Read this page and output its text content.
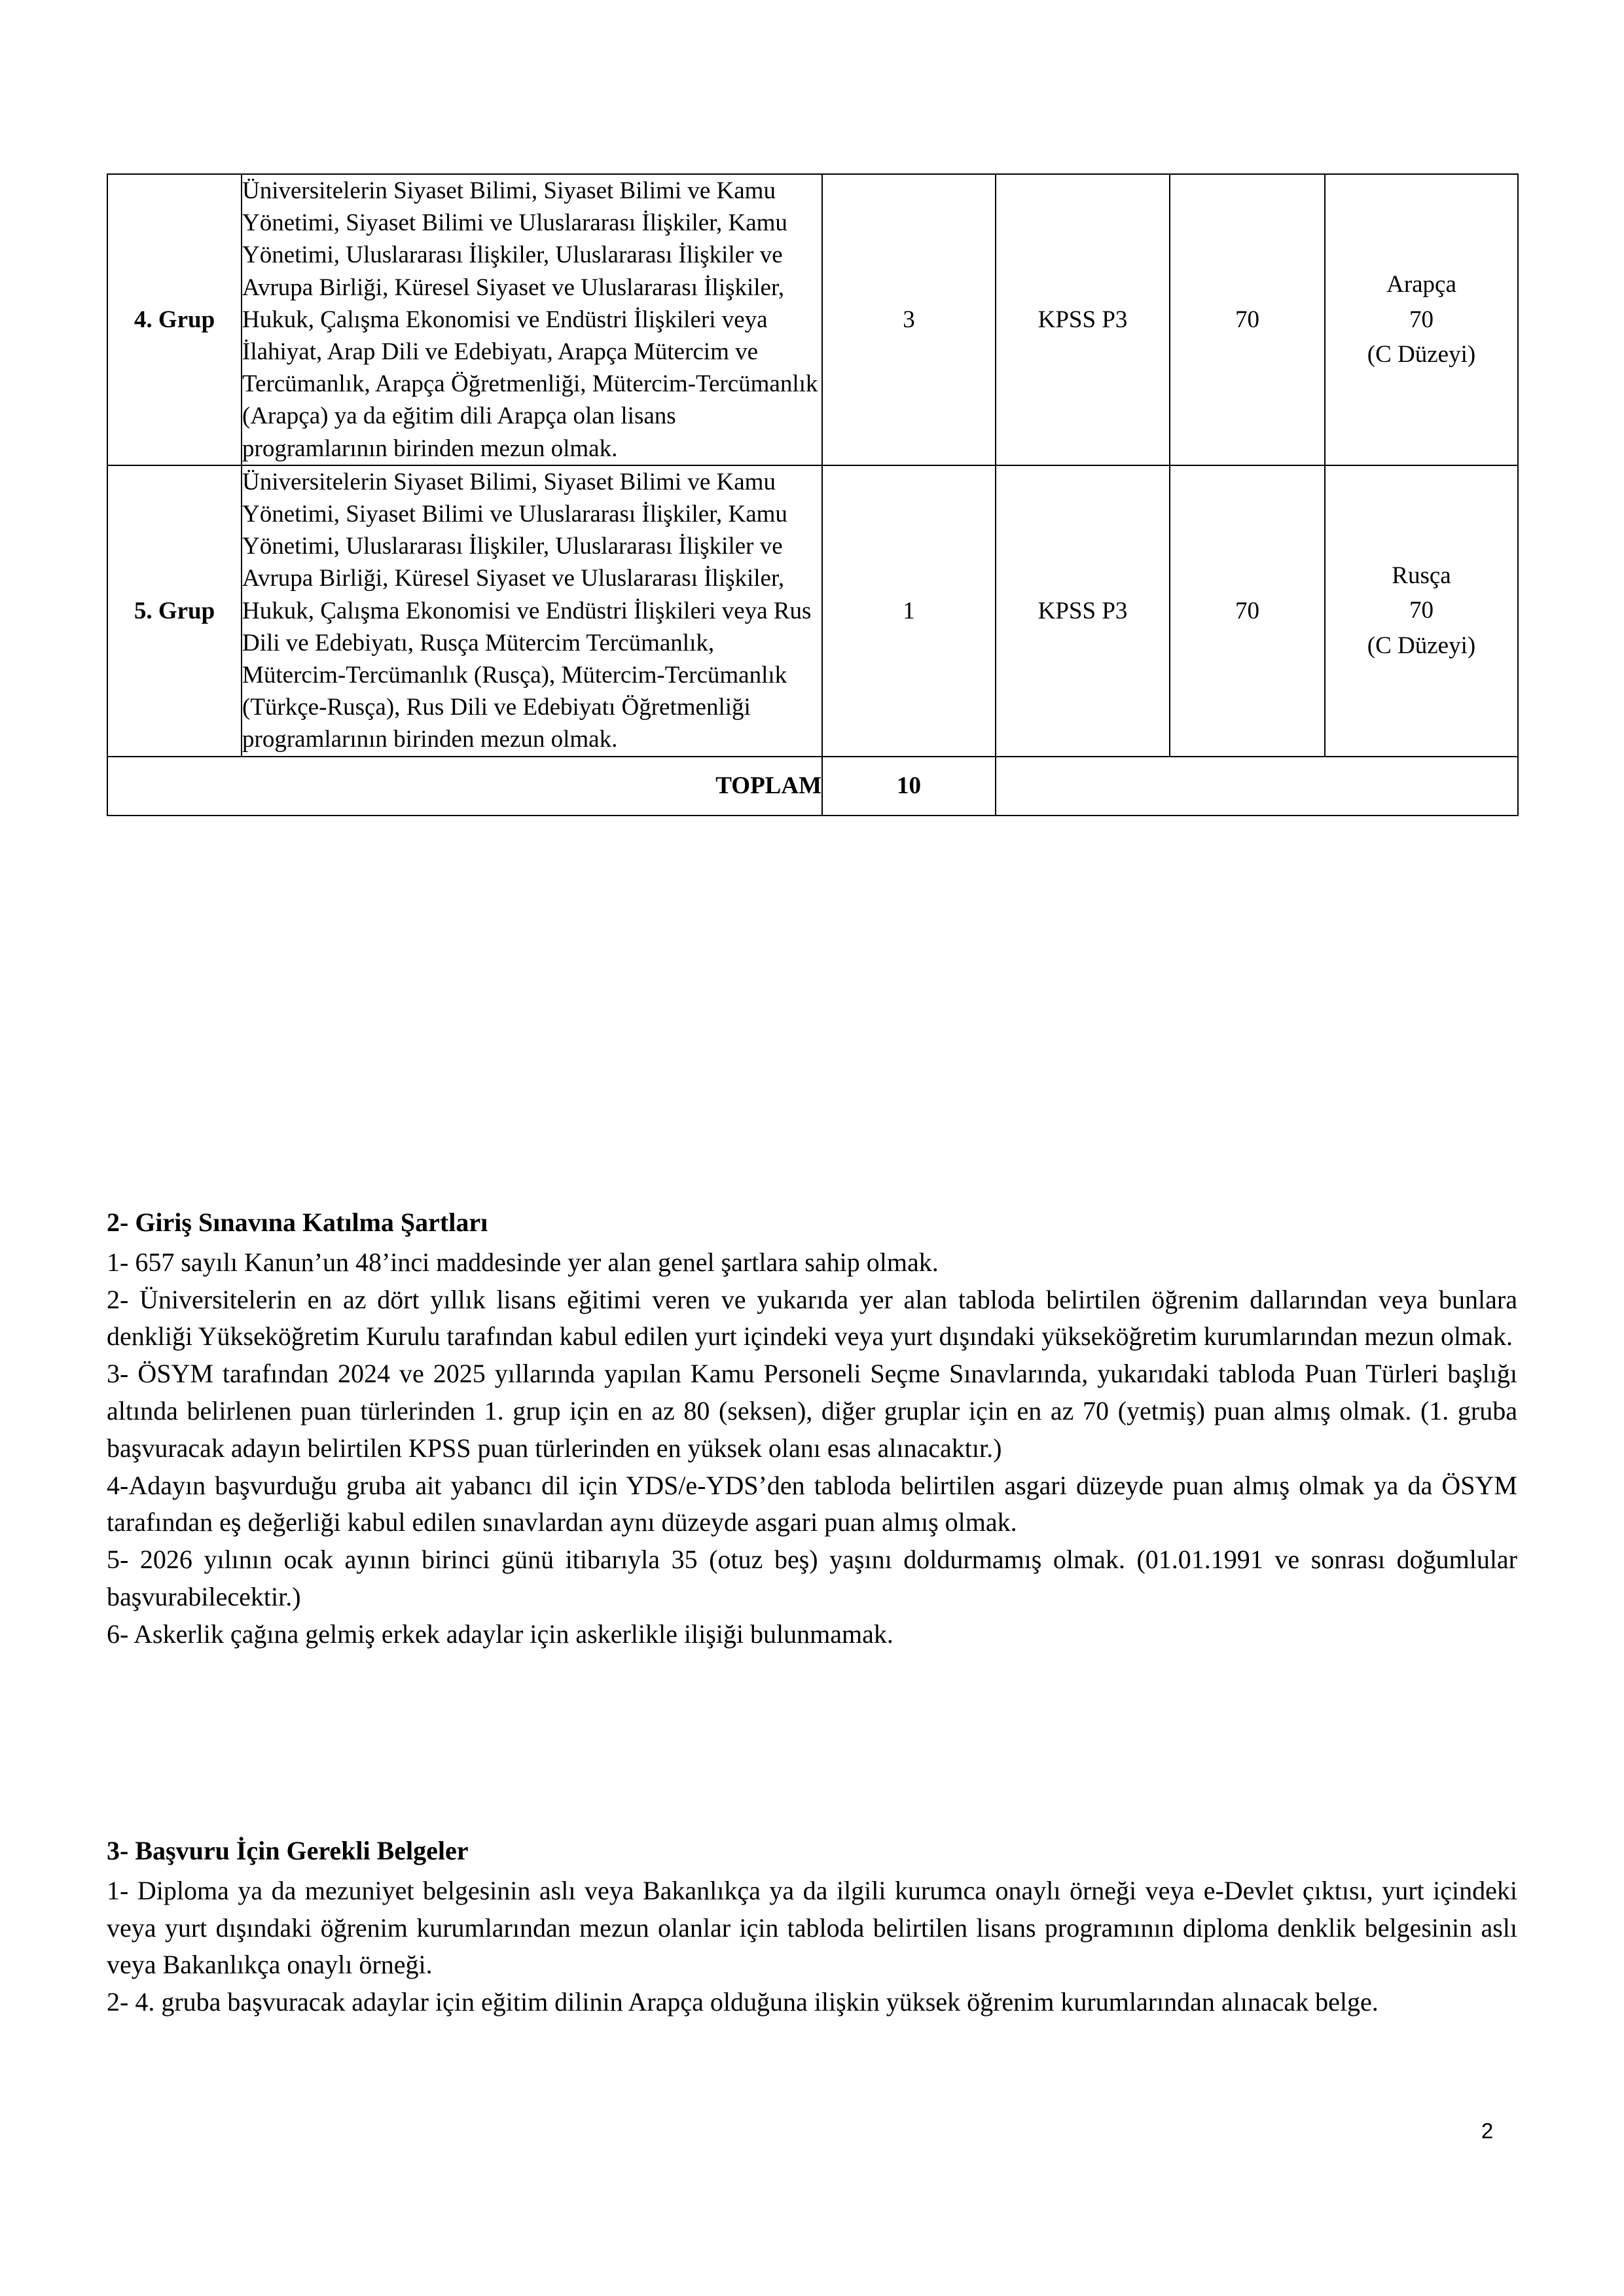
4. Grup	Üniversitelerin Siyaset Bilimi, Siyaset Bilimi ve Kamu Yönetimi, Siyaset Bilimi ve Uluslararası İlişkiler, Kamu Yönetimi, Uluslararası İlişkiler, Uluslararası İlişkiler ve Avrupa Birliği, Küresel Siyaset ve Uluslararası İlişkiler, Hukuk, Çalışma Ekonomisi ve Endüstri İlişkileri veya İlahiyat, Arap Dili ve Edebiyatı, Arapça Mütercim ve Tercümanlık, Arapça Öğretmenliği, Mütercim-Tercümanlık (Arapça) ya da eğitim dili Arapça olan lisans programlarının birinden mezun olmak.	3	KPSS P3	70	Arapça
70
(C Düzeyi)
5. Grup	Üniversitelerin Siyaset Bilimi, Siyaset Bilimi ve Kamu Yönetimi, Siyaset Bilimi ve Uluslararası İlişkiler, Kamu Yönetimi, Uluslararası İlişkiler, Uluslararası İlişkiler ve Avrupa Birliği, Küresel Siyaset ve Uluslararası İlişkiler, Hukuk, Çalışma Ekonomisi ve Endüstri İlişkileri veya Rus Dili ve Edebiyatı, Rusça Mütercim Tercümanlık, Mütercim-Tercümanlık (Rusça), Mütercim-Tercümanlık (Türkçe-Rusça), Rus Dili ve Edebiyatı Öğretmenliği programlarının birinden mezun olmak.	1	KPSS P3	70	Rusça
70
(C Düzeyi)
TOPLAM		10			
2- Giriş Sınavına Katılma Şartları

1- 657 sayılı Kanun’un 48’inci maddesinde yer alan genel şartlara sahip olmak.

2- Üniversitelerin en az dört yıllık lisans eğitimi veren ve yukarıda yer alan tabloda belirtilen öğrenim dallarından veya bunlara denkliği Yükseköğretim Kurulu tarafından kabul edilen yurt içindeki veya yurt dışındaki yükseköğretim kurumlarından mezun olmak.

3- ÖSYM tarafından 2024 ve 2025 yıllarında yapılan Kamu Personeli Seçme Sınavlarında, yukarıdaki tabloda Puan Türleri başlığı altında belirlenen puan türlerinden 1. grup için en az 80 (seksen), diğer gruplar için en az 70 (yetmiş) puan almış olmak. (1. gruba başvuracak adayın belirtilen KPSS puan türlerinden en yüksek olanı esas alınacaktır.)

4-Adayın başvurduğu gruba ait yabancı dil için YDS/e-YDS’den tabloda belirtilen asgari düzeyde puan almış olmak ya da ÖSYM tarafından eş değerliği kabul edilen sınavlardan aynı düzeyde asgari puan almış olmak.

5- 2026 yılının ocak ayının birinci günü itibarıyla 35 (otuz beş) yaşını doldurmamış olmak. (01.01.1991 ve sonrası doğumlular başvurabilecektir.)

6- Askerlik çağına gelmiş erkek adaylar için askerlikle ilişiği bulunmamak.

3- Başvuru İçin Gerekli Belgeler

1- Diploma ya da mezuniyet belgesinin aslı veya Bakanlıkça ya da ilgili kurumca onaylı örneği veya e-Devlet çıktısı, yurt içindeki veya yurt dışındaki öğrenim kurumlarından mezun olanlar için tabloda belirtilen lisans programının diploma denklik belgesinin aslı veya Bakanlıkça onaylı örneği.

2- 4. gruba başvuracak adaylar için eğitim dilinin Arapça olduğuna ilişkin yüksek öğrenim kurumlarından alınacak belge.

2
